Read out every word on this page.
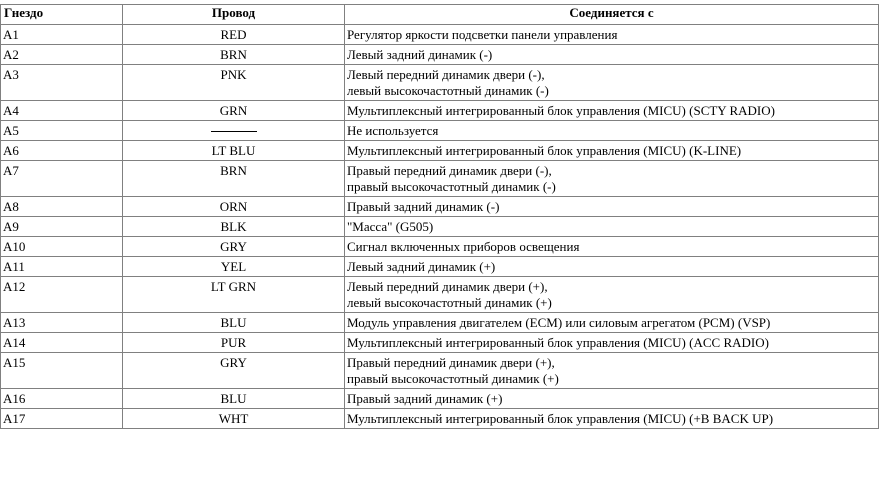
Гнездо	Провод	Соединяется с
A1	RED	Регулятор яркости подсветки панели управления

A2	BRN	Левый задний динамик (-)

A3	PNK	Левый передний динамик двери (-),
левый высокочастотный динамик (-)

A4	GRN	Мультиплексный интегрированный блок управления (MICU) (SCTY RADIO)

A5		Не используется

A6	LT BLU	Мультиплексный интегрированный блок управления (MICU) (K-LINE)

A7	BRN	Правый передний динамик двери (-),
правый высокочастотный динамик (-)

A8	ORN	Правый задний динамик (-)

A9	BLK	"Масса" (G505)

A10	GRY	Сигнал включенных приборов освещения

A11	YEL	Левый задний динамик (+)

A12	LT GRN	Левый передний динамик двери (+),
левый высокочастотный динамик (+)

A13	BLU	Модуль управления двигателем (ECM) или силовым агрегатом (PCM) (VSP)

A14	PUR	Мультиплексный интегрированный блок управления (MICU) (ACC RADIO)

A15	GRY	Правый передний динамик двери (+),
правый высокочастотный динамик (+)

A16	BLU	Правый задний динамик (+)

A17	WHT	Мультиплексный интегрированный блок управления (MICU) (+B BACK UP)
